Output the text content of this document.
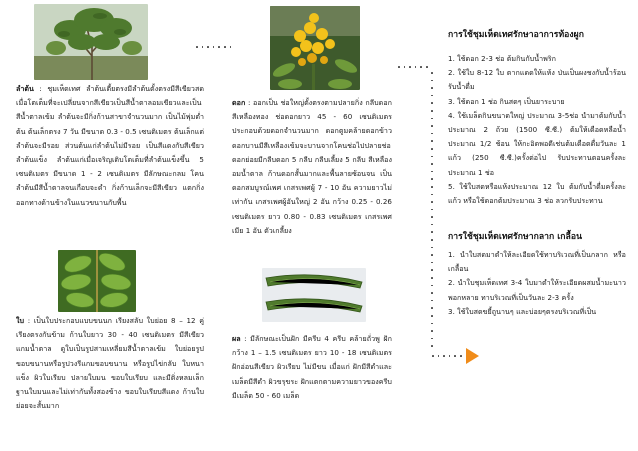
ลำต้น : ชุมเห็ดเทศ ลำต้นเตี้ยตรงมีลำต้นตั้งตรงมีสีเขียวสด เมื่อโตเต็มที่จะเปลี่ยนจากสีเขียวเป็นสีน้ำตาลอมเขียวและเป็นสีน้ำตาลเข้ม ลำต้นจะมีกิ่งก้านสาขาจำนวนมาก เป็นไม้พุ่มต่ำต้น ต้นเล็กตรง 7 วัน มีขนาด 0.3 - 0.5 เซนติเมตร ต้นเล็กแต่ลำต้นจะมีรอย ส่วนต้นแก่ลำต้นไม่มีรอย เป็นสีแดงกับสีเขียว ลำต้นแข็ง ลำต้นแก่เมื่อเจริญเติบโตเต็มที่ลำต้นแข็งขึ้น 5 เซนติเมตร มีขนาด 1 - 2 เซนติเมตร มีลักษณะกลม โคนลำต้นมีสีน้ำตาลจนเกือบจะดำ กิ่งก้านเล็กจะมีสีเขียว แตกกิ่งออกทางด้านข้างในแนวขนานกับพื้น
ใบ : เป็นใบประกอบแบบขนนก เรียงสลับ ใบย่อย 8 – 12 คู่ เรียงตรงกันข้าม ก้านใบยาว 30 - 40 เซนติเมตร มีสีเขียวแกมน้ำตาล ดูใบเป็นรูปสามเหลี่ยมสีน้ำตาลเข้ม ใบย่อยรูปขอบขนานหรือรูปวงรีแกมขอบขนาน หรือรูปไข่กลับ ใบหนาแข็ง ผิวใบเรียบ ปลายใบมน ขอบใบเรียบ และมีติ่งหลมเล็ก ฐานใบมนและไม่เท่ากันทั้งสองข้าง ขอบใบเรียบสีแดง ก้านใบย่อยจะสั้นมาก
ดอก : ออกเป็น ช่อใหญ่ตั้งตรงตามปลายกิ่ง กลีบดอกสีเหลืองทอง ช่อดอกยาว 45 - 60 เซนติเมตร ประกอบด้วยดอกจำนวนมาก ดอกตูมคล้ายดอกข้าว ดอกบานมีสีเหลืองเข้มจะบานจากโคนช่อไปปลายช่อ ดอกย่อยมีกลีบดอก 5 กลีบ กลีบเลี้ยง 5 กลีบ สีเหลืองอมน้ำตาล ก้านดอกสั้นมากและพื้นลายซ้อนจน เป็นดอกสมบูรณ์เพศ เกสรเพศผู้ 7 - 10 อัน ความยาวไม่เท่ากัน เกสรเพศผู้อันใหญ่ 2 อัน กว้าง 0.25 - 0.26 เซนติเมตร ยาว 0.80 - 0.83 เซนติเมตร เกสรเพศเมีย 1 อัน ตัวเกลี้ยง
ผล : มีลักษณะเป็นฝัก มีครีบ 4 ครีบ คล้ายถั่วพู ฝักกว้าง 1 – 1.5 เซนติเมตร ยาว 10 - 18 เซนติเมตร ฝักอ่อนสีเขียว ผิวเรียบ ไม่มีขน เมื่อแก่ ฝักมีสีดำและเมล็ดมีสีดำ ผิวขรุขระ ฝักแตกตามความยาวของครีบ มีเมล็ด 50 - 60 เมล็ด
การใช้ชุมเห็ดเทศรักษาอาการท้องผูก
1. ใช้ดอก 2-3 ช่อ ต้มกินกับน้ำพริก
2. ใช้ใบ 8-12 ใบ ตากแดดให้แห้ง ป่นเป็นผงชงกับน้ำร้อนรับน้ำดื่ม
3. ใช้ดอก 1 ช่อ กินสดๆ เป็นยาระบาย
4. ใช้เมล็ดกินขนาดใหญ่ ประมาณ 3-5ช่อ นำมาต้มกับน้ำประมาณ 2 ถ้วย (1500 ซี.ซี.) ต้มให้เดือดหลือน้ำประมาณ 1/2 ช้อน ให้กะอิดพอดีเช่นต้มเดือดดื่มวันละ 1 แก้ว (250 ซี.ซี.)ครั้งต่อไป รับประทานตอนครั้งละประมาณ 1 ช่อ
5. ใช้ใบสดหรือแห้งประมาณ 12 ใบ ต้มกับน้ำดื่มครั้งละแก้ว หรือใช้ดอกต้มประมาณ 3 ช่อ ลวกรับประทาน
การใช้ชุมเห็ดเทศรักษากลาก เกลื้อน
1. นำใบสดมาตำให้ละเอียดใช้ทาบริเวณที่เป็นกลาก หรือเกลื้อน
2. นำใบชุมเห็ดเทศ 3-4 ใบมาตำให้ระเอียดผสมน้ำมะนาวพอกหลาย ทาบริเวณที่เป็นวันละ 2-3 ครั้ง
3. ใช้ใบสดขยี้ถูนานๆ และบ่อยๆตรงบริเวณที่เป็น
